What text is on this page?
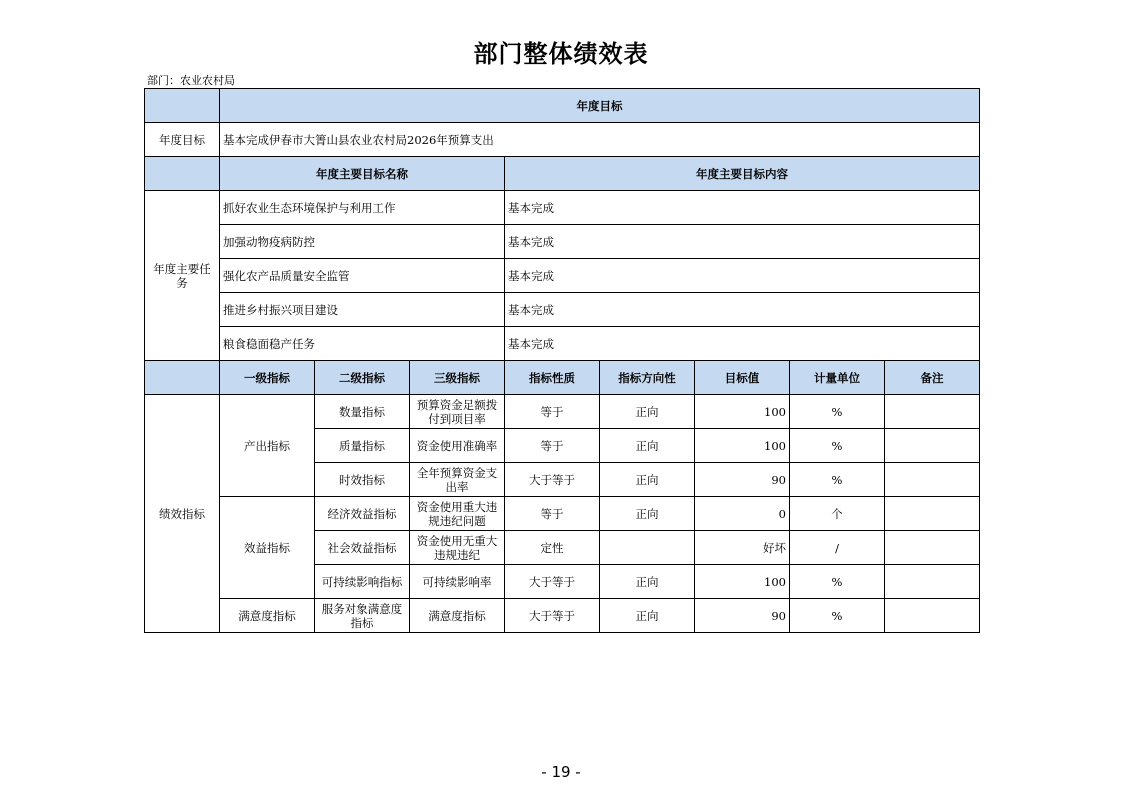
部门整体绩效表
部门：农业农村局
	年度目标							
年度目标	基本完成伊春市大箐山县农业农村局2026年预算支出							
	年度主要目标名称			年度主要目标内容				
年度主要任务	抓好农业生态环境保护与利用工作			基本完成				
	加强动物疫病防控			基本完成				
	强化农产品质量安全监管			基本完成				
	推进乡村振兴项目建设			基本完成				
	粮食稳面稳产任务			基本完成				
	一级指标	二级指标	三级指标	指标性质	指标方向性	目标值	计量单位	备注
绩效指标	产出指标	数量指标	预算资金足额拨付到项目率	等于	正向	100	%	
		质量指标	资金使用准确率	等于	正向	100	%	
		时效指标	全年预算资金支出率	大于等于	正向	90	%	
	效益指标	经济效益指标	资金使用重大违规违纪问题	等于	正向	0	个	
		社会效益指标	资金使用无重大违规违纪	定性		好坏	/	
		可持续影响指标	可持续影响率	大于等于	正向	100	%	
	满意度指标	服务对象满意度指标	满意度指标	大于等于	正向	90	%	
- 19 -
